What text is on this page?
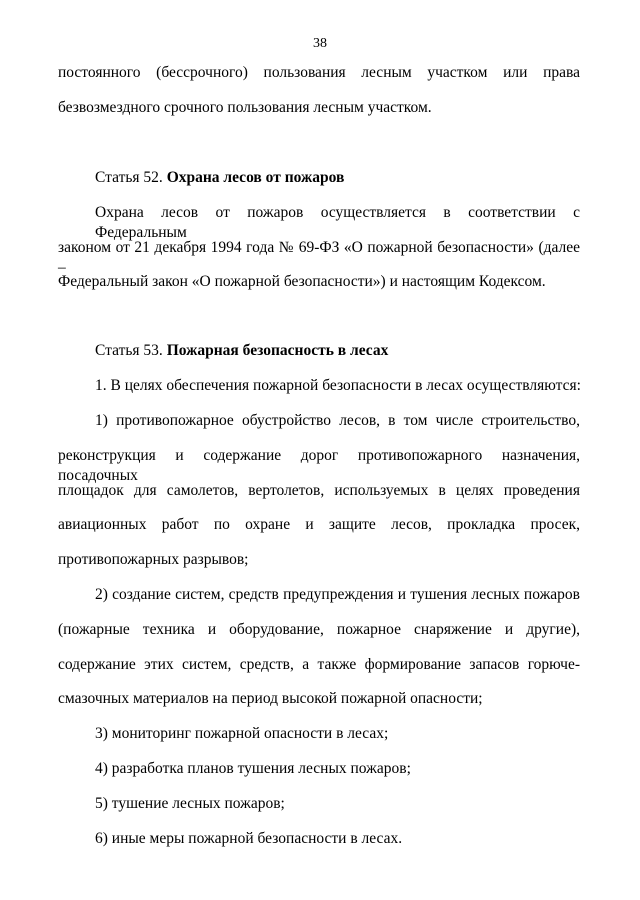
38
постоянного (бессрочного) пользования лесным участком или права
безвозмездного срочного пользования лесным участком.
Статья 52. Охрана лесов от пожаров
Охрана лесов от пожаров осуществляется в соответствии с Федеральным
законом от 21 декабря 1994 года № 69-ФЗ «О пожарной безопасности» (далее –
Федеральный закон «О пожарной безопасности») и настоящим Кодексом.
Статья 53. Пожарная безопасность в лесах
1. В целях обеспечения пожарной безопасности в лесах осуществляются:
1) противопожарное обустройство лесов, в том числе строительство,
реконструкция и содержание дорог противопожарного назначения, посадочных
площадок для самолетов, вертолетов, используемых в целях проведения
авиационных работ по охране и защите лесов, прокладка просек,
противопожарных разрывов;
2) создание систем, средств предупреждения и тушения лесных пожаров
(пожарные техника и оборудование, пожарное снаряжение и другие),
содержание этих систем, средств, а также формирование запасов горюче-
смазочных материалов на период высокой пожарной опасности;
3) мониторинг пожарной опасности в лесах;
4) разработка планов тушения лесных пожаров;
5) тушение лесных пожаров;
6) иные меры пожарной безопасности в лесах.
